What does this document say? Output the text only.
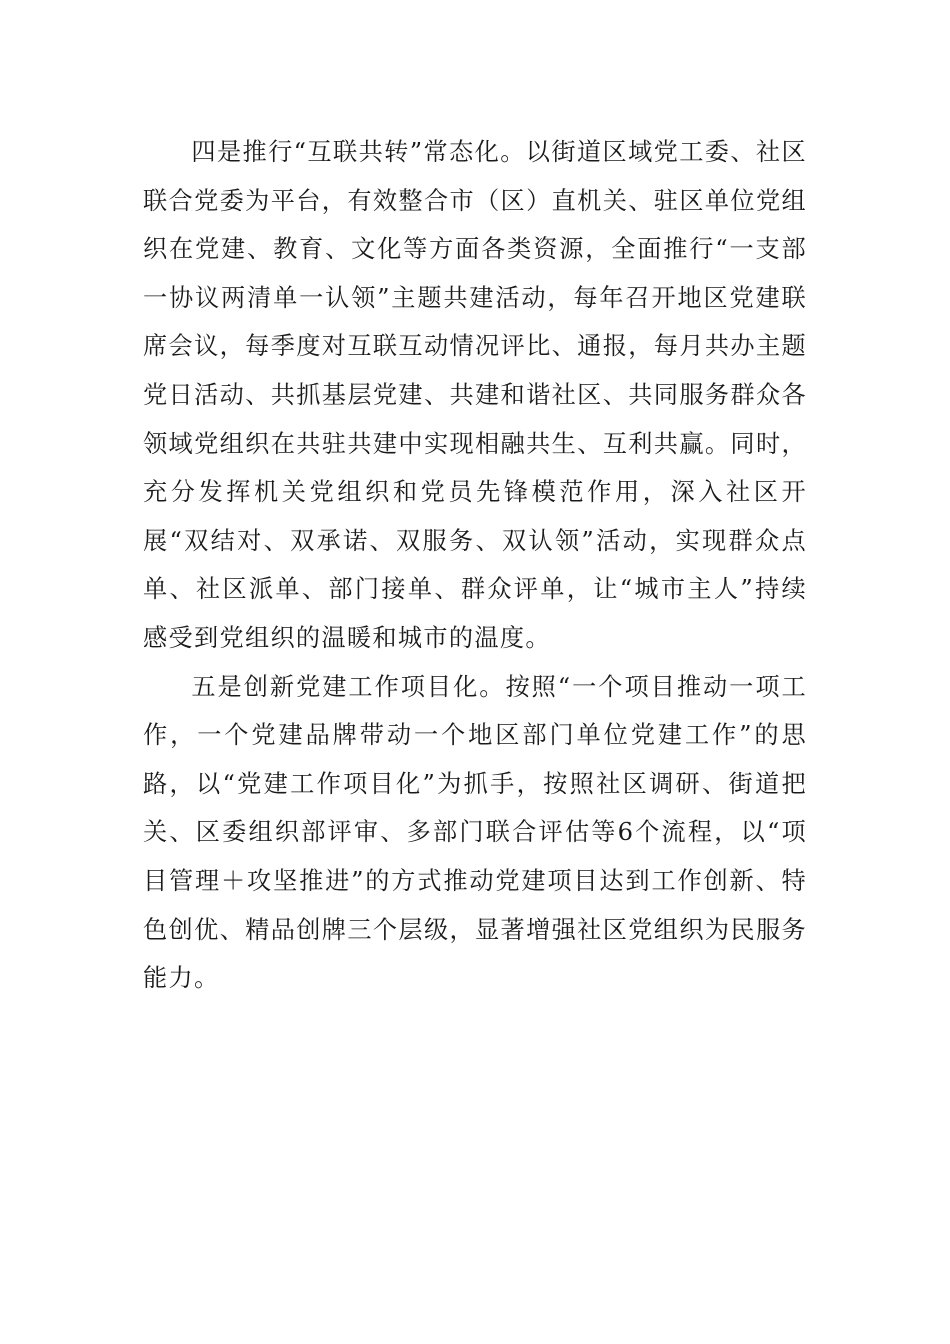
四是推行“互联共转”常态化。以街道区域党工委、社区联合党委为平台，有效整合市（区）直机关、驻区单位党组织在党建、教育、文化等方面各类资源，全面推行“一支部一协议两清单一认领”主题共建活动，每年召开地区党建联席会议，每季度对互联互动情况评比、通报，每月共办主题党日活动、共抓基层党建、共建和谐社区、共同服务群众各领域党组织在共驻共建中实现相融共生、互利共赢。同时，充分发挥机关党组织和党员先锋模范作用，深入社区开展“双结对、双承诺、双服务、双认领”活动，实现群众点单、社区派单、部门接单、群众评单，让“城市主人”持续感受到党组织的温暖和城市的温度。

五是创新党建工作项目化。按照“一个项目推动一项工作，一个党建品牌带动一个地区部门单位党建工作”的思路，以“党建工作项目化”为抓手，按照社区调研、街道把关、区委组织部评审、多部门联合评估等6个流程，以“项目管理＋攻坚推进”的方式推动党建项目达到工作创新、特色创优、精品创牌三个层级，显著增强社区党组织为民服务能力。
